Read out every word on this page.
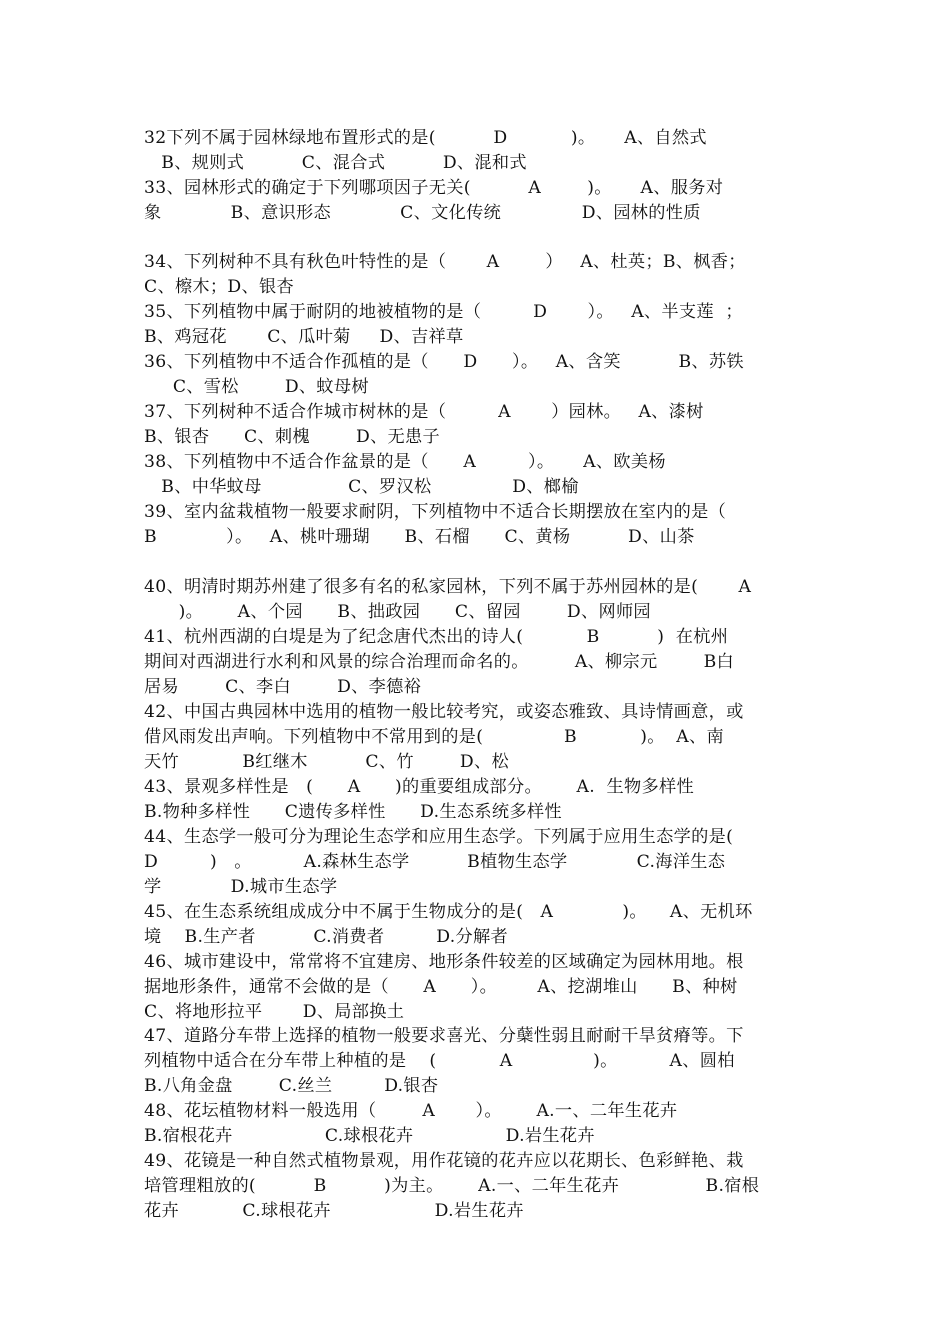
32下列不属于园林绿地布置形式的是(          D           )。     A、自然式
B、规则式          C、混合式          D、混和式
33、园林形式的确定于下列哪项因子无关(          A        )。     A、服务对
象            B、意识形态            C、文化传统              D、园林的性质
34、下列树种不具有秋色叶特性的是（       A        ）   A、杜英；B、枫香；
C、檫木；D、银杏
35、下列植物中属于耐阴的地被植物的是（         D       ）。   A、半支莲  ；
B、鸡冠花       C、瓜叶菊     D、吉祥草
36、下列植物中不适合作孤植的是（      D      ）。   A、含笑          B、苏铁
C、雪松        D、蚊母树
37、下列树种不适合作城市树林的是（         A       ）园林。   A、漆树
B、银杏      C、刺槐        D、无患子
38、下列植物中不适合作盆景的是（      A         ）。     A、欧美杨
B、中华蚊母               C、罗汉松              D、榔榆
39、室内盆栽植物一般要求耐阴，下列植物中不适合长期摆放在室内的是（
B            ）。   A、桃叶珊瑚      B、石榴      C、黄杨          D、山茶
40、明清时期苏州建了很多有名的私家园林，下列不属于苏州园林的是(       A
)。      A、个园      B、拙政园      C、留园        D、网师园
41、杭州西湖的白堤是为了纪念唐代杰出的诗人(           B          )  在杭州
期间对西湖进行水利和风景的综合治理而命名的。        A、柳宗元        B白
居易        C、李白        D、李德裕
42、中国古典园林中选用的植物一般比较考究，或姿态雅致、具诗情画意，或
借风雨发出声响。下列植物中不常用到的是(              B           )。  A、南
天竹           B红继木          C、竹        D、松
43、景观多样性是   (      A      )的重要组成部分。      A.  生物多样性
B.物种多样性      C遗传多样性      D.生态系统多样性
44、生态学一般可分为理论生态学和应用生态学。下列属于应用生态学的是(
D         )   。         A.森林生态学          B植物生态学            C.海洋生态
学            D.城市生态学
45、在生态系统组成成分中不属于生物成分的是(   A            )。    A、无机环
境    B.生产者          C.消费者         D.分解者
46、城市建设中，常常将不宜建房、地形条件较差的区域确定为园林用地。根
据地形条件，通常不会做的是（      A      ）。       A、挖湖堆山      B、种树
C、将地形拉平       D、局部换土
47、道路分车带上选择的植物一般要求喜光、分蘖性弱且耐耐干旱贫瘠等。下
列植物中适合在分车带上种植的是    (           A              )。         A、圆柏
B.八角金盘        C.丝兰         D.银杏
48、花坛植物材料一般选用（        A       ）。      A.一、二年生花卉
B.宿根花卉                C.球根花卉                D.岩生花卉
49、花镜是一种自然式植物景观，用作花镜的花卉应以花期长、色彩鲜艳、栽
培管理粗放的(          B          )为主。      A.一、二年生花卉               B.宿根
花卉           C.球根花卉                  D.岩生花卉
